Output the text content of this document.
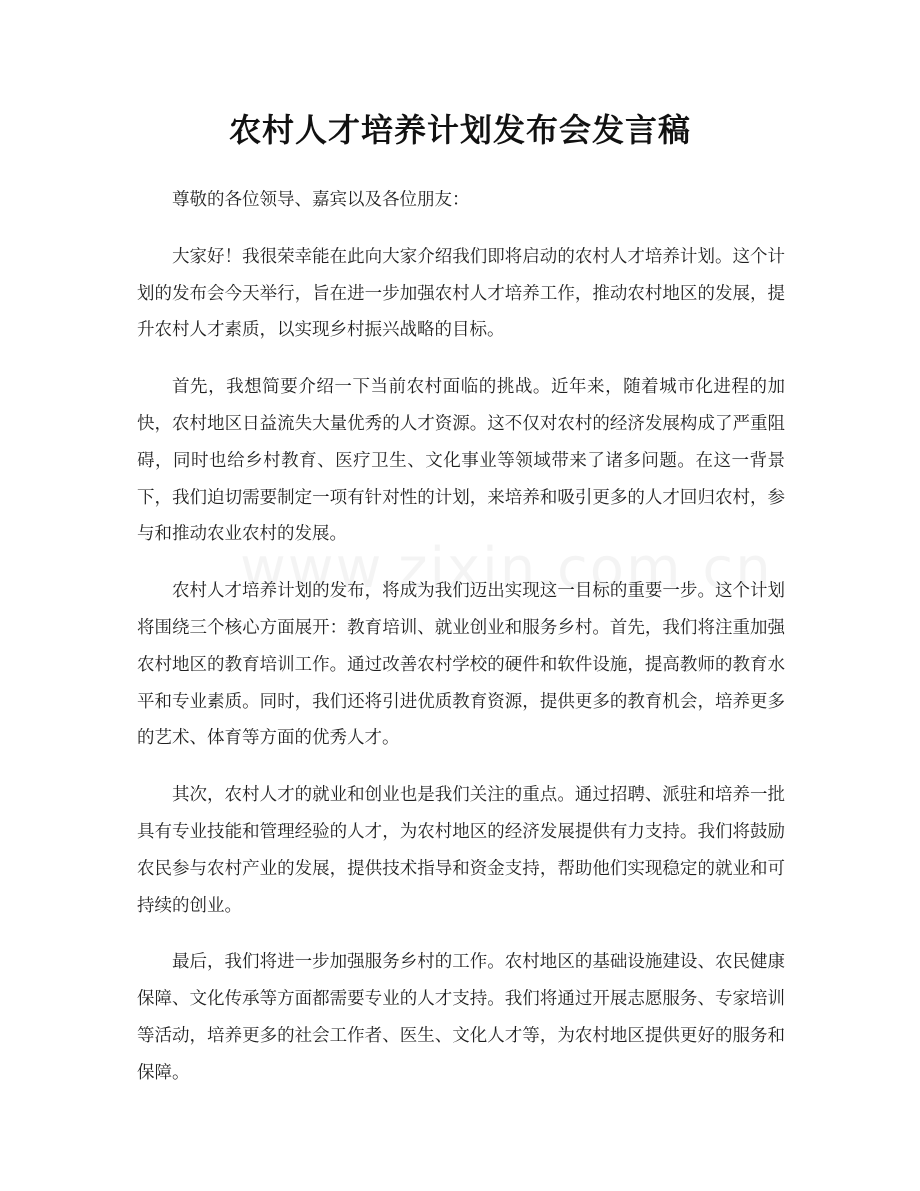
农村人才培养计划发布会发言稿

尊敬的各位领导、嘉宾以及各位朋友：

大家好！我很荣幸能在此向大家介绍我们即将启动的农村人才培养计划。这个计划的发布会今天举行，旨在进一步加强农村人才培养工作，推动农村地区的发展，提升农村人才素质，以实现乡村振兴战略的目标。

首先，我想简要介绍一下当前农村面临的挑战。近年来，随着城市化进程的加快，农村地区日益流失大量优秀的人才资源。这不仅对农村的经济发展构成了严重阻碍，同时也给乡村教育、医疗卫生、文化事业等领域带来了诸多问题。在这一背景下，我们迫切需要制定一项有针对性的计划，来培养和吸引更多的人才回归农村，参与和推动农业农村的发展。

农村人才培养计划的发布，将成为我们迈出实现这一目标的重要一步。这个计划将围绕三个核心方面展开：教育培训、就业创业和服务乡村。首先，我们将注重加强农村地区的教育培训工作。通过改善农村学校的硬件和软件设施，提高教师的教育水平和专业素质。同时，我们还将引进优质教育资源，提供更多的教育机会，培养更多的艺术、体育等方面的优秀人才。

其次，农村人才的就业和创业也是我们关注的重点。通过招聘、派驻和培养一批具有专业技能和管理经验的人才，为农村地区的经济发展提供有力支持。我们将鼓励农民参与农村产业的发展，提供技术指导和资金支持，帮助他们实现稳定的就业和可持续的创业。

最后，我们将进一步加强服务乡村的工作。农村地区的基础设施建设、农民健康保障、文化传承等方面都需要专业的人才支持。我们将通过开展志愿服务、专家培训等活动，培养更多的社会工作者、医生、文化人才等，为农村地区提供更好的服务和保障。
